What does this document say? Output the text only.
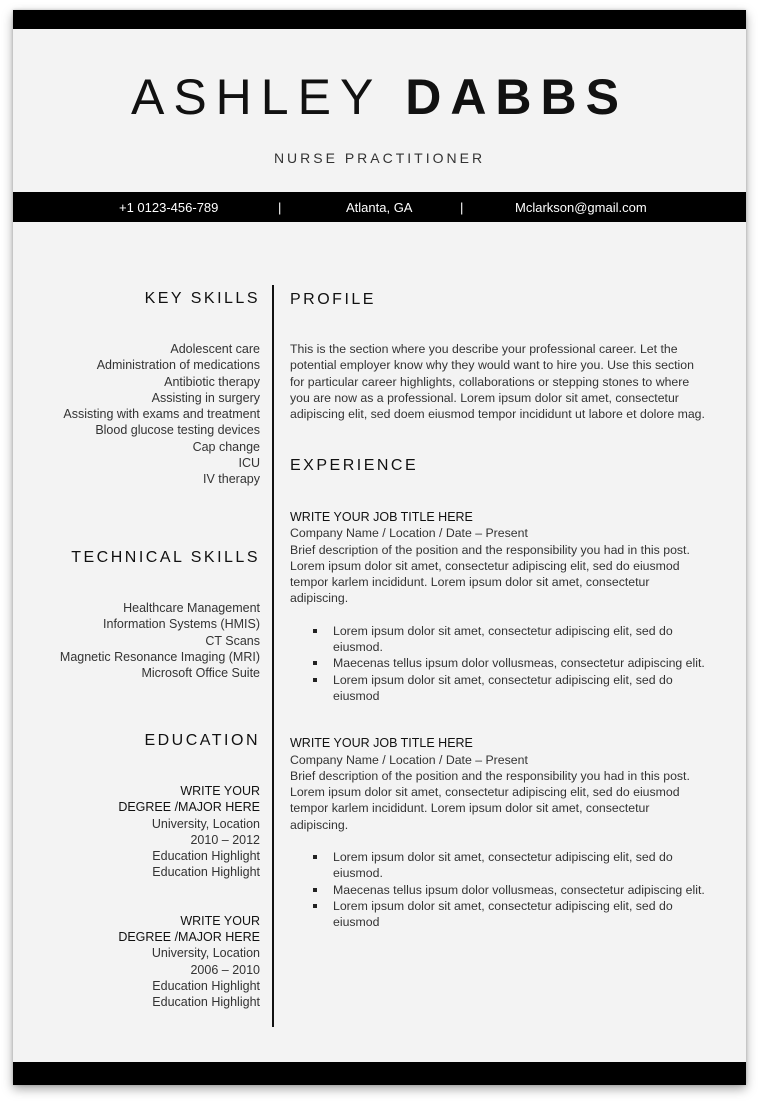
ASHLEY DABBS
NURSE PRACTITIONER
+1 0123-456-789	|	Atlanta, GA	|	Mclarkson@gmail.com
KEY SKILLS
Adolescent care
Administration of medications
Antibiotic therapy
Assisting in surgery
Assisting with exams and treatment
Blood glucose testing devices
Cap change
ICU
IV therapy
TECHNICAL SKILLS
Healthcare Management
Information Systems (HMIS)
CT Scans
Magnetic Resonance Imaging (MRI)
Microsoft Office Suite
EDUCATION
WRITE YOUR
DEGREE /MAJOR HERE
University, Location
2010 – 2012
Education Highlight
Education Highlight
WRITE YOUR
DEGREE /MAJOR HERE
University, Location
2006 – 2010
Education Highlight
Education Highlight
PROFILE
This is the section where you describe your professional career. Let the
potential employer know why they would want to hire you. Use this section
for particular career highlights, collaborations or stepping stones to where
you are now as a professional. Lorem ipsum dolor sit amet, consectetur
adipiscing elit, sed doem eiusmod tempor incididunt ut labore et dolore mag.
EXPERIENCE
WRITE YOUR JOB TITLE HERE
Company Name / Location / Date – Present
Brief description of the position and the responsibility you had in this post.
Lorem ipsum dolor sit amet, consectetur adipiscing elit, sed do eiusmod
tempor karlem incididunt. Lorem ipsum dolor sit amet, consectetur
adipiscing.
Lorem ipsum dolor sit amet, consectetur adipiscing elit, sed do
eiusmod.
Maecenas tellus ipsum dolor vollusmeas, consectetur adipiscing elit.
Lorem ipsum dolor sit amet, consectetur adipiscing elit, sed do
eiusmod
WRITE YOUR JOB TITLE HERE
Company Name / Location / Date – Present
Brief description of the position and the responsibility you had in this post.
Lorem ipsum dolor sit amet, consectetur adipiscing elit, sed do eiusmod
tempor karlem incididunt. Lorem ipsum dolor sit amet, consectetur
adipiscing.
Lorem ipsum dolor sit amet, consectetur adipiscing elit, sed do
eiusmod.
Maecenas tellus ipsum dolor vollusmeas, consectetur adipiscing elit.
Lorem ipsum dolor sit amet, consectetur adipiscing elit, sed do
eiusmod
